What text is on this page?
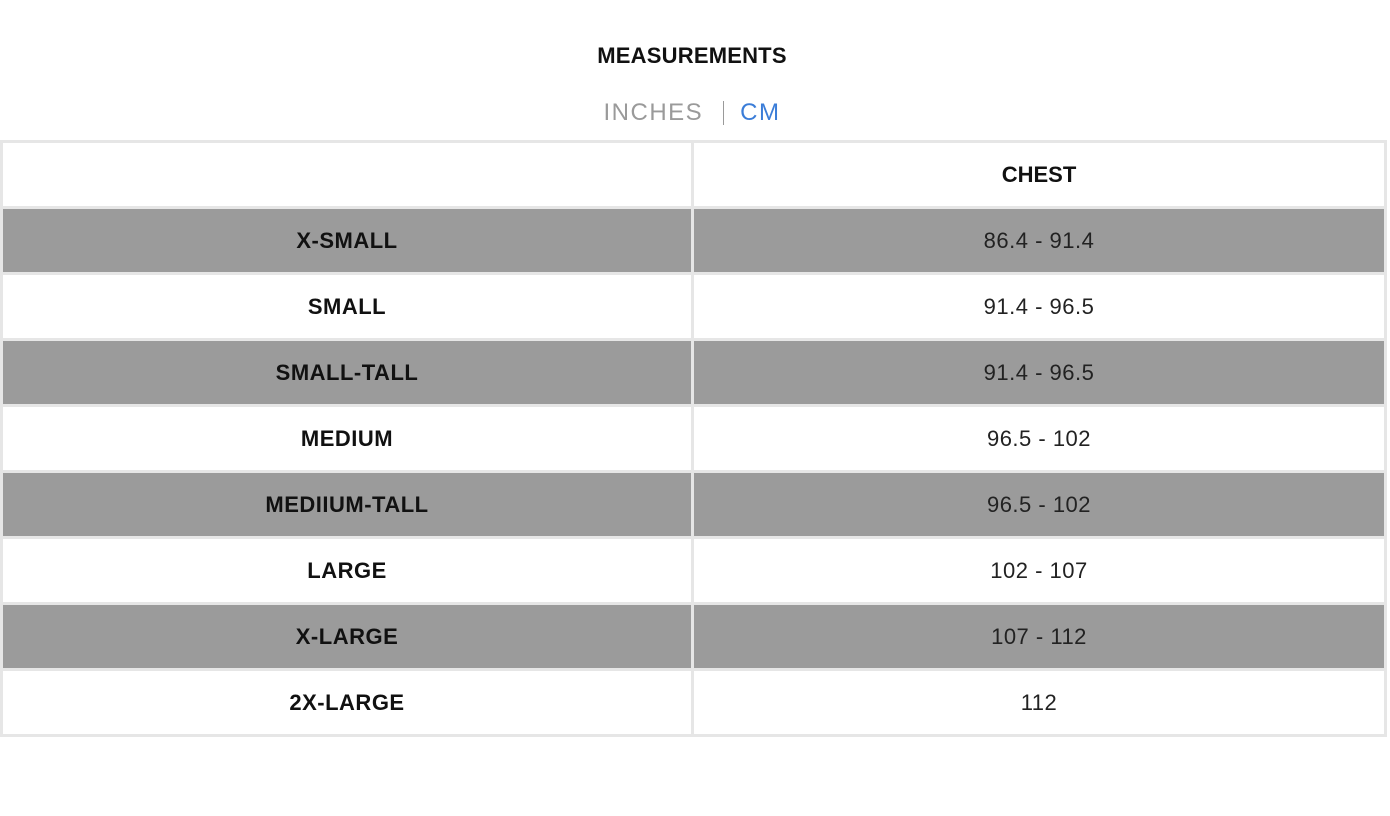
MEASUREMENTS
INCHES CM
	CHEST
X-SMALL	86.4 - 91.4
SMALL	91.4 - 96.5
SMALL-TALL	91.4 - 96.5
MEDIUM	96.5 - 102
MEDIIUM-TALL	96.5 - 102
LARGE	102 - 107
X-LARGE	107 - 112
2X-LARGE	112
